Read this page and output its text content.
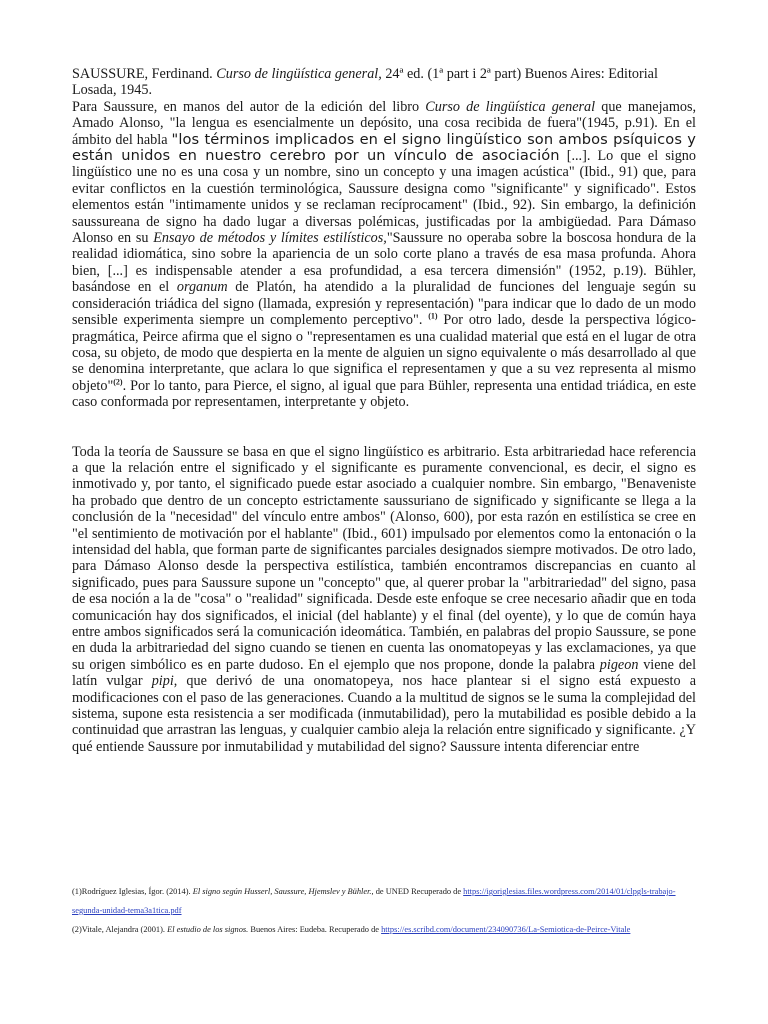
SAUSSURE, Ferdinand. Curso de lingüística general, 24ª ed. (1ª part i 2ª part) Buenos Aires: Editorial Losada, 1945.

Para Saussure, en manos del autor de la edición del libro Curso de lingüística general que manejamos, Amado Alonso, "la lengua es esencialmente un depósito, una cosa recibida de fuera"(1945, p.91). En el ámbito del habla "los términos implicados en el signo lingüístico son ambos psíquicos y están unidos en nuestro cerebro por un vínculo de asociación [...]. Lo que el signo lingüístico une no es una cosa y un nombre, sino un concepto y una imagen acústica" (Ibid., 91) que, para evitar conflictos en la cuestión terminológica, Saussure designa como "significante" y significado". Estos elementos están "intimamente unidos y se reclaman recíprocament" (Ibid., 92). Sin embargo, la definición saussureana de signo ha dado lugar a diversas polémicas, justificadas por la ambigüedad. Para Dámaso Alonso en su Ensayo de métodos y límites estilísticos,"Saussure no operaba sobre la boscosa hondura de la realidad idiomática, sino sobre la apariencia de un solo corte plano a través de esa masa profunda. Ahora bien, [...] es indispensable atender a esa profundidad, a esa tercera dimensión" (1952, p.19). Bühler, basándose en el organum de Platón, ha atendido a la pluralidad de funciones del lenguaje según su consideración triádica del signo (llamada, expresión y representación) "para indicar que lo dado de un modo sensible experimenta siempre un complemento perceptivo". $^{(1)}$ Por otro lado, desde la perspectiva lógico-pragmática, Peirce afirma que el signo o "representamen es una cualidad material que está en el lugar de otra cosa, su objeto, de modo que despierta en la mente de alguien un signo equivalente o más desarrollado al que se denomina interpretante, que aclara lo que significa el representamen y que a su vez representa al mismo objeto"$^{(2)}$. Por lo tanto, para Pierce, el signo, al igual que para Bühler, representa una entidad triádica, en este caso conformada por representamen, interpretante y objeto.

Toda la teoría de Saussure se basa en que el signo lingüístico es arbitrario. Esta arbitrariedad hace referencia a que la relación entre el significado y el significante es puramente convencional, es decir, el signo es inmotivado y, por tanto, el significado puede estar asociado a cualquier nombre. Sin embargo, "Benaveniste ha probado que dentro de un concepto estrictamente saussuriano de significado y significante se llega a la conclusión de la "necesidad" del vínculo entre ambos" (Alonso, 600), por esta razón en estilística se cree en "el sentimiento de motivación por el hablante" (Ibid., 601) impulsado por elementos como la entonación o la intensidad del habla, que forman parte de significantes parciales designados siempre motivados. De otro lado, para Dámaso Alonso desde la perspectiva estilística, también encontramos discrepancias en cuanto al significado, pues para Saussure supone un "concepto" que, al querer probar la "arbitrariedad" del signo, pasa de esa noción a la de "cosa" o "realidad" significada. Desde este enfoque se cree necesario añadir que en toda comunicación hay dos significados, el inicial (del hablante) y el final (del oyente), y lo que de común haya entre ambos significados será la comunicación ideomática. También, en palabras del propio Saussure, se pone en duda la arbitrariedad del signo cuando se tienen en cuenta las onomatopeyas y las exclamaciones, ya que su origen simbólico es en parte dudoso. En el ejemplo que nos propone, donde la palabra pigeon viene del latín vulgar pipi, que derivó de una onomatopeya, nos hace plantear si el signo está expuesto a modificaciones con el paso de las generaciones. Cuando a la multitud de signos se le suma la complejidad del sistema, supone esta resistencia a ser modificada (inmutabilidad), pero la mutabilidad es posible debido a la continuidad que arrastran las lenguas, y cualquier cambio aleja la relación entre significado y significante. ¿Y qué entiende Saussure por inmutabilidad y mutabilidad del signo? Saussure intenta diferenciar entre

(1)Rodríguez Iglesias, Ígor. (2014). El signo según Husserl, Saussure, Hjemslev y Bühler., de UNED Recuperado de https://igoriglesias.files.wordpress.com/2014/01/clpgls-trabajo-segunda-unidad-tema3a1tica.pdf

(2)Vitale, Alejandra (2001). El estudio de los signos. Buenos Aires: Eudeba. Recuperado de https://es.scribd.com/document/234090736/La-Semiotica-de-Peirce-Vitale
